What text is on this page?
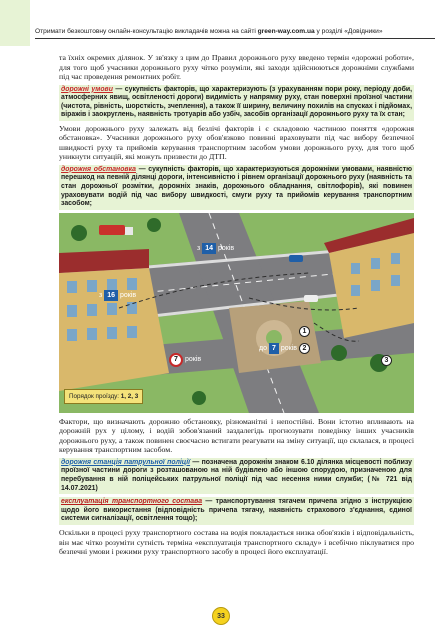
Отримати безкоштовну онлайн-консультацію викладачів можна на сайті green-way.com.ua у розділі «Довідники»

та їхніх окремих ділянок. У зв'язку з цим до Правил дорожнього руху введено термін «дорожні роботи», для того щоб учасники дорожнього руху чітко розуміли, які заходи здійснюються дорожніми службами під час проведення ремонтних робіт.

дорожні умови — сукупність факторів, що характеризують (з урахуванням пори року, періоду доби, атмосферних явищ, освітленості дороги) видимість у напрямку руху, стан поверхні проїзної частини (чистота, рівність, шорсткість, зчеплення), а також її ширину, величину похилів на спусках і підйомах, віражів і заокруглень, наявність тротуарів або узбіч, засобів організації дорожнього руху та їх стан;

Умови дорожнього руху залежать від безлічі факторів і є складовою частиною поняття «дорожня обстановка». Учасники дорожнього руху обов'язково повинні враховувати під час вибору безпечної швидкості руху та прийомів керування транспортним засобом умови дорожнього руху, для того щоб уникнути ситуацій, які можуть призвести до ДТП.

дорожня обстановка — сукупність факторів, що характеризуються дорожніми умовами, наявністю перешкод на певній ділянці дороги, інтенсивністю і рівнем організації дорожнього руху (наявність та стан дорожньої розмітки, дорожніх знаків, дорожнього обладнання, світлофорів), які повинен ураховувати водій під час вибору швидкості, смуги руху та прийомів керування транспортним засобом;

з 14 років
з 16 років
до 7 років
7	років
1
2
3
Порядок проїзду: 1, 2, 3

Фактори, що визначають дорожню обстановку, різноманітні і непостійні. Вони істотно впливають на дорожній рух у цілому, і водій зобов'язаний заздалегідь прогнозувати поведінку інших учасників дорожнього руху, а також повинен своєчасно встигати реагувати на зміну ситуації, що склалася, в процесі керування транспортним засобом.

дорожня станція патрульної поліції — позначена дорожнім знаком 6.10 ділянка місцевості поблизу проїзної частини дороги з розташованою на ній будівлею або іншою спорудою, призначеною для перебування в ній поліцейських патрульної поліції під час несення ними служби; (№ 721 від 14.07.2021)

експлуатація транспортного состава — транспортування тягачем причепа згідно з інструкцією щодо його використання (відповідність причепа тягачу, наявність страхового з'єднання, єдиної системи сигналізації, освітлення тощо);

Оскільки в процесі руху транспортного состава на водія покладається низка обов'язків і відповідальність, він має чітко розуміти сутність терміна «експлуатація транспортного складу» і всебічно піклуватися про безпечні умови і режими руху транспортного засобу в процесі його експлуатації.

33
